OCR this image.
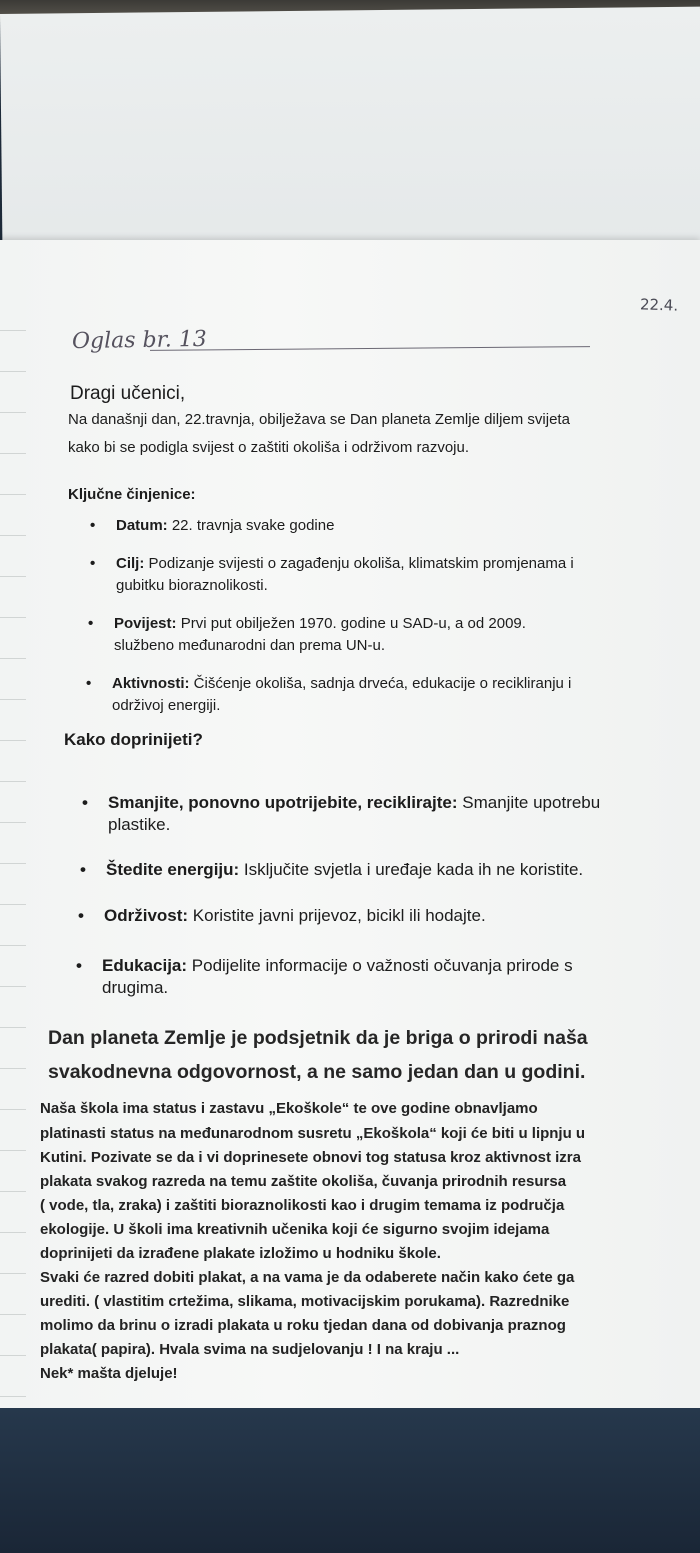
22.4.
Oglas br. 13
Dragi učenici,
Na današnji dan, 22.travnja, obilježava se Dan planeta Zemlje diljem svijeta
kako bi se podigla svijest o zaštiti okoliša i održivom razvoju.
Ključne činjenice:
• Datum: 22. travnja svake godine
• Cilj: Podizanje svijesti o zagađenju okoliša, klimatskim promjenama i
gubitku bioraznolikosti.
• Povijest: Prvi put obilježen 1970. godine u SAD-u, a od 2009.
službeno međunarodni dan prema UN-u.
• Aktivnosti: Čišćenje okoliša, sadnja drveća, edukacije o recikliranju i
održivoj energiji.
Kako doprinijeti?
• Smanjite, ponovno upotrijebite, reciklirajte: Smanjite upotrebu
plastike.
• Štedite energiju: Isključite svjetla i uređaje kada ih ne koristite.
• Održivost: Koristite javni prijevoz, bicikl ili hodajte.
• Edukacija: Podijelite informacije o važnosti očuvanja prirode s
drugima.
Dan planeta Zemlje je podsjetnik da je briga o prirodi naša
svakodnevna odgovornost, a ne samo jedan dan u godini.
Naša škola ima status i zastavu „Ekoškole“ te ove godine obnavljamo
platinasti status na međunarodnom susretu „Ekoškola“ koji će biti u lipnju u
Kutini. Pozivate se da i vi doprinesete obnovi tog statusa kroz aktivnost izra
plakata svakog razreda na temu zaštite okoliša, čuvanja prirodnih resursa
( vode, tla, zraka) i zaštiti bioraznolikosti kao i drugim temama iz područja
ekologije. U školi ima kreativnih učenika koji će sigurno svojim idejama
doprinijeti da izrađene plakate izložimo u hodniku škole.
Svaki će razred dobiti plakat, a na vama je da odaberete način kako ćete ga
urediti. ( vlastitim crtežima, slikama, motivacijskim porukama). Razrednike
molimo da brinu o izradi plakata u roku tjedan dana od dobivanja praznog
plakata( papira). Hvala svima na sudjelovanju ! I na kraju ...
Nek* mašta djeluje!
